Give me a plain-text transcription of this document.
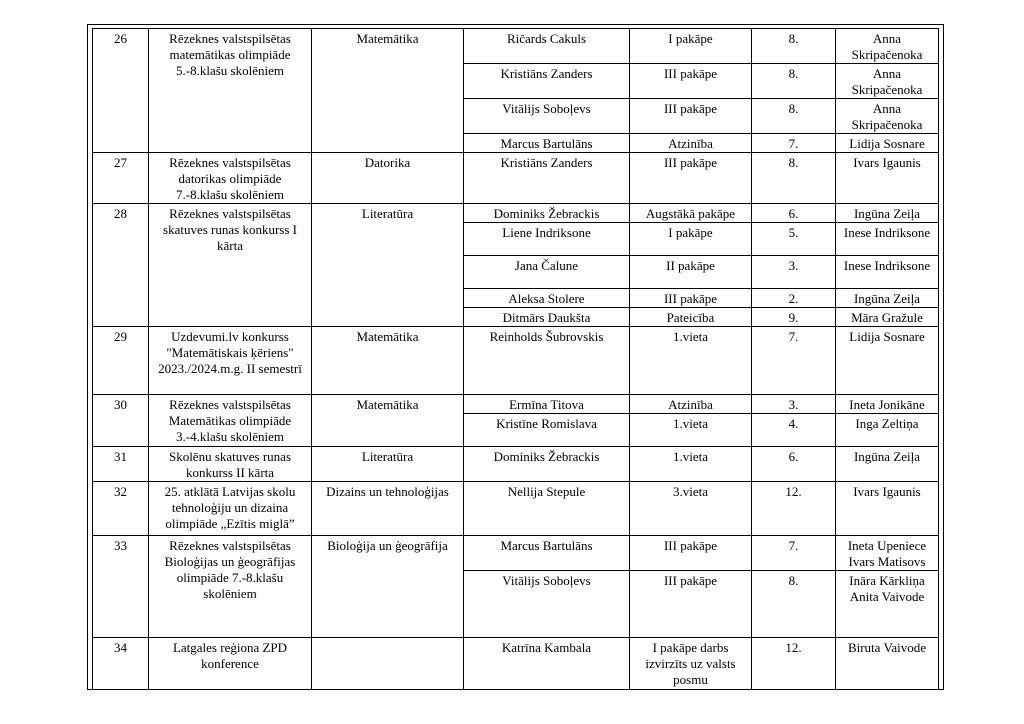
26	Rēzeknes valstspilsētas matemātikas olimpiāde 5.-8.klašu skolēniem	Matemātika	Ričards Cakuls	I pakāpe	8.	Anna Skripačenoka
			Kristiāns Zanders	III pakāpe	8.	Anna Skripačenoka
			Vitālijs Soboļevs	III pakāpe	8.	Anna Skripačenoka
			Marcus Bartulāns	Atzinība	7.	Lidija Sosnare
27	Rēzeknes valstspilsētas datorikas olimpiāde 7.-8.klašu skolēniem	Datorika	Kristiāns Zanders	III pakāpe	8.	Ivars Igaunis
28	Rēzeknes valstspilsētas skatuves runas konkurss I kārta	Literatūra	Dominiks Žebrackis	Augstākā pakāpe	6.	Ingūna Zeiļa
			Liene Indriksone	I pakāpe	5.	Inese Indriksone
			Jana Čalune	II pakāpe	3.	Inese Indriksone
			Aleksa Stolere	III pakāpe	2.	Ingūna Zeiļa
			Ditmārs Daukšta	Pateicība	9.	Māra Gražule
29	Uzdevumi.lv konkurss "Matemātiskais ķēriens" 2023./2024.m.g. II semestrī	Matemātika	Reinholds Šubrovskis	1.vieta	7.	Lidija Sosnare
30	Rēzeknes valstspilsētas Matemātikas olimpiāde 3.-4.klašu skolēniem	Matemātika	Ermīna Titova	Atzinība	3.	Ineta Jonikāne
			Kristīne Romislava	1.vieta	4.	Inga Zeltiņa
31	Skolēnu skatuves runas konkurss II kārta	Literatūra	Dominiks Žebrackis	1.vieta	6.	Ingūna Zeiļa
32	25. atklātā Latvijas skolu tehnoloģiju un dizaina olimpiāde „Ezītis miglā”	Dizains un tehnoloģijas	Nellija Stepule	3.vieta	12.	Ivars Igaunis
33	Rēzeknes valstspilsētas Bioloģijas un ģeogrāfijas olimpiāde 7.-8.klašu skolēniem	Bioloģija un ģeogrāfija	Marcus Bartulāns	III pakāpe	7.	Ineta Upeniece Ivars Matisovs
			Vitālijs Soboļevs	III pakāpe	8.	Ināra Kārkliņa Anita Vaivode
34	Latgales reģiona ZPD konference		Katrīna Kambala	I pakāpe darbs izvirzīts uz valsts posmu	12.	Biruta Vaivode
